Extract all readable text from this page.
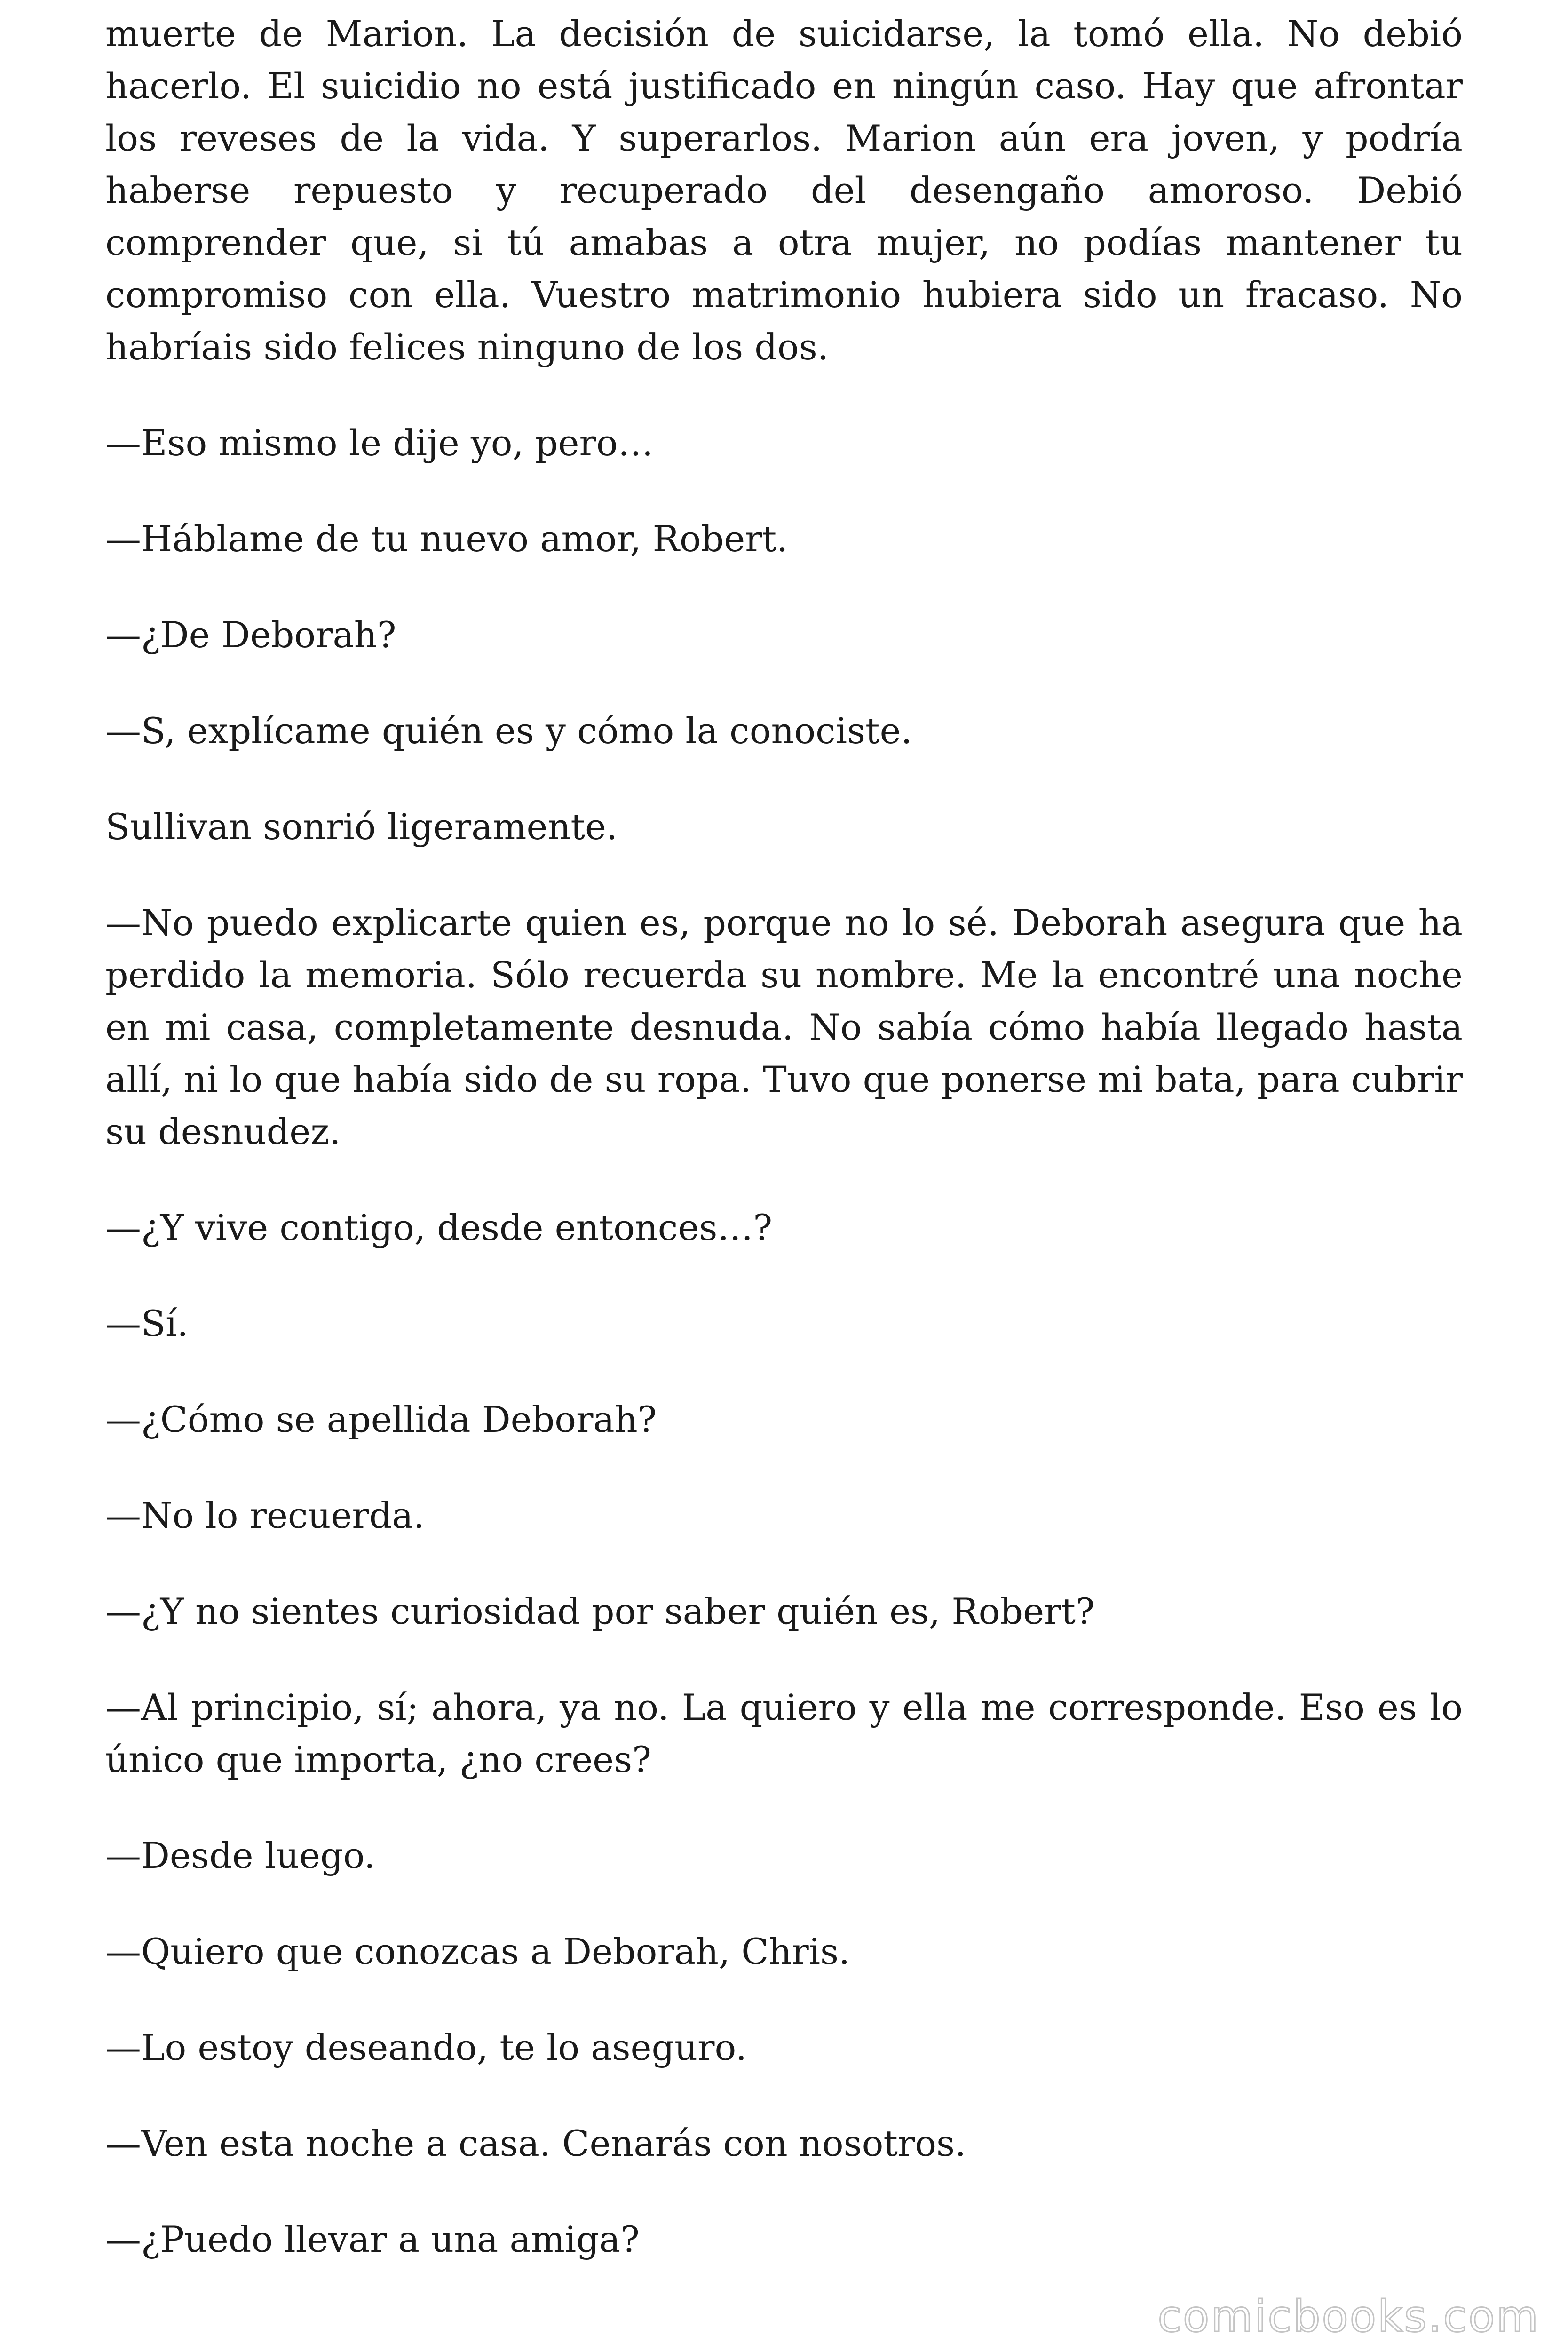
muerte de Marion. La decisión de suicidarse, la tomó ella. No debió hacerlo. El suicidio no está justificado en ningún caso. Hay que afrontar los reveses de la vida. Y superarlos. Marion aún era joven, y podría haberse repuesto y recuperado del desengaño amoroso. Debió comprender que, si tú amabas a otra mujer, no podías mantener tu compromiso con ella. Vuestro matrimonio hubiera sido un fracaso. No habríais sido felices ninguno de los dos.

—Eso mismo le dije yo, pero…

—Háblame de tu nuevo amor, Robert.

—¿De Deborah?

—S, explícame quién es y cómo la conociste.

Sullivan sonrió ligeramente.

—No puedo explicarte quien es, porque no lo sé. Deborah asegura que ha perdido la memoria. Sólo recuerda su nombre. Me la encontré una noche en mi casa, completamente desnuda. No sabía cómo había llegado hasta allí, ni lo que había sido de su ropa. Tuvo que ponerse mi bata, para cubrir su desnudez.

—¿Y vive contigo, desde entonces…?

—Sí.

—¿Cómo se apellida Deborah?

—No lo recuerda.

—¿Y no sientes curiosidad por saber quién es, Robert?

—Al principio, sí; ahora, ya no. La quiero y ella me corresponde. Eso es lo único que importa, ¿no crees?

—Desde luego.

—Quiero que conozcas a Deborah, Chris.

—Lo estoy deseando, te lo aseguro.

—Ven esta noche a casa. Cenarás con nosotros.

—¿Puedo llevar a una amiga?

comicbooks.com
